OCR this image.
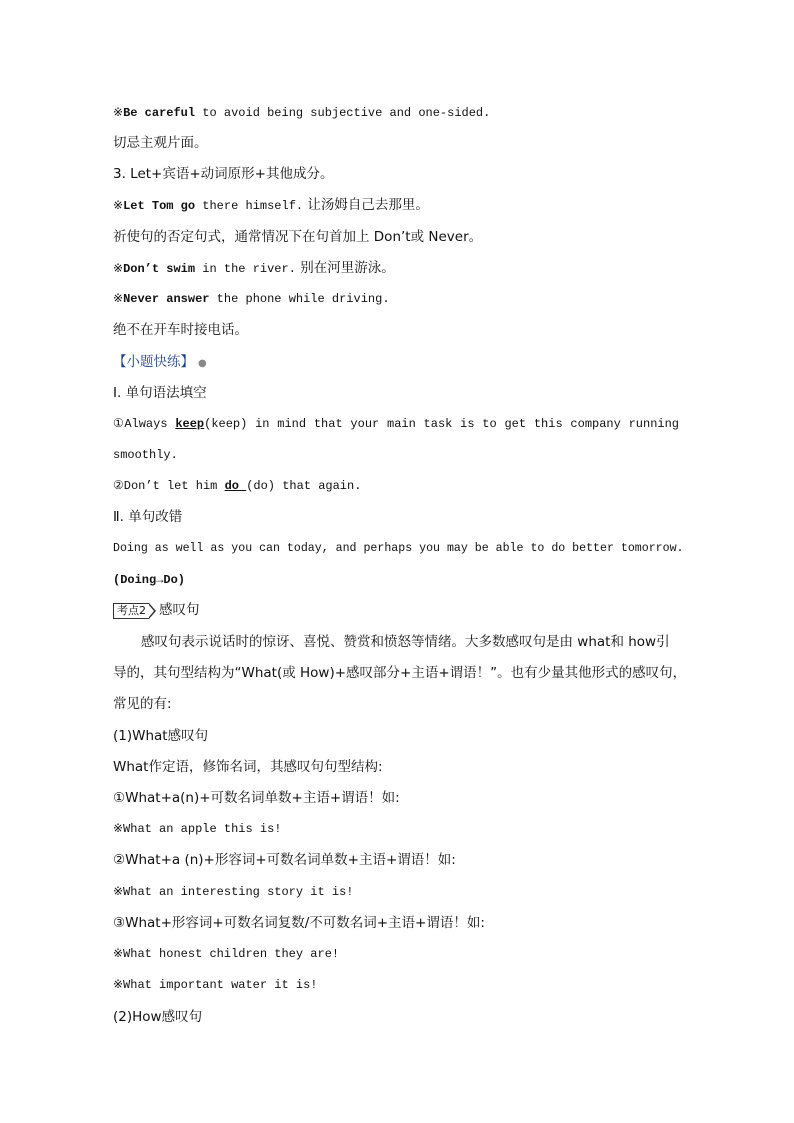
※Be careful to avoid being subjective and one-sided.
切忌主观片面。
3. Let+宾语+动词原形+其他成分。
※Let Tom go there himself. 让汤姆自己去那里。
祈使句的否定句式，通常情况下在句首加上 Don’t或 Never。
※Don’t swim in the river. 别在河里游泳。
※Never answer the phone while driving.
绝不在开车时接电话。
【小题快练】 ●
Ⅰ. 单句语法填空
①Always keep(keep) in mind that your main task is to get this company running
smoothly.
②Don’t let him do (do) that again.
Ⅱ. 单句改错
Doing as well as you can today, and perhaps you may be able to do better tomorrow.
(Doing→Do)
考点2 感叹句
感叹句表示说话时的惊讶、喜悦、赞赏和愤怒等情绪。大多数感叹句是由 what和 how引
导的，其句型结构为“What(或 How)+感叹部分+主语+谓语！”。也有少量其他形式的感叹句，
常见的有:
(1)What感叹句
What作定语，修饰名词，其感叹句句型结构:
①What+a(n)+可数名词单数+主语+谓语！如:
※What an apple this is!
②What+a (n)+形容词+可数名词单数+主语+谓语！如:
※What an interesting story it is!
③What+形容词+可数名词复数/不可数名词+主语+谓语！如:
※What honest children they are!
※What important water it is!
(2)How感叹句
